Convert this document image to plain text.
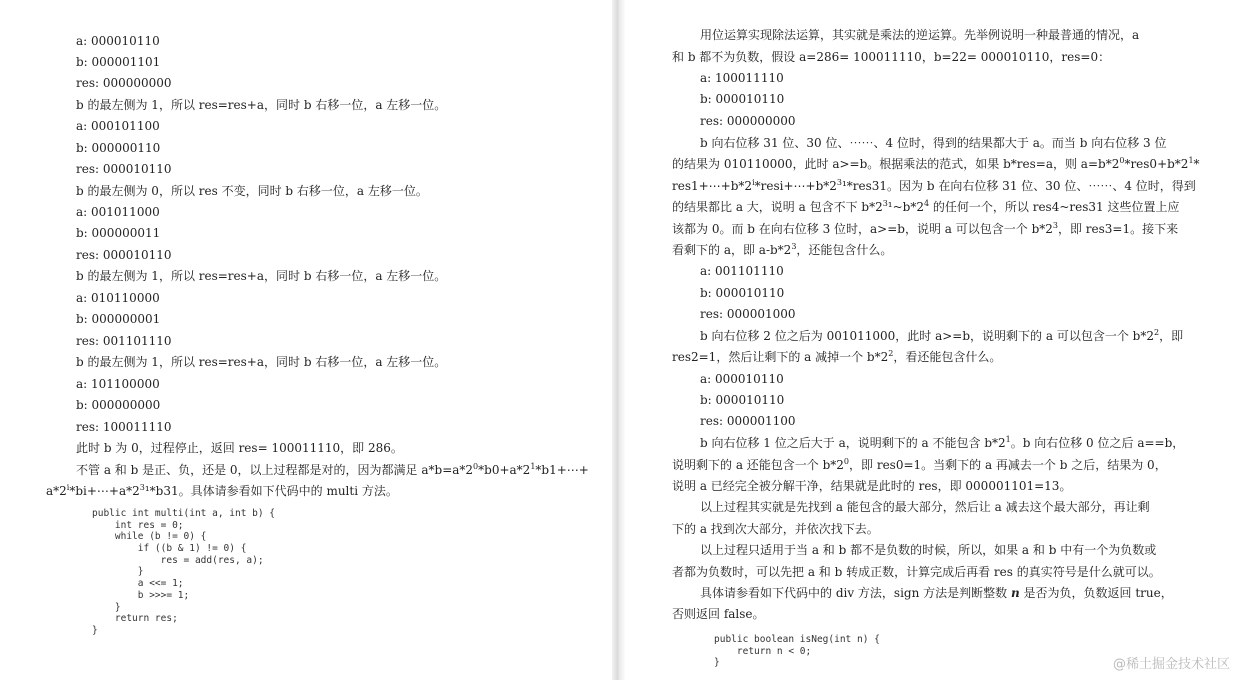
a: 000010110
b: 000001101
res: 000000000
b 的最左侧为 1，所以 res=res+a，同时 b 右移一位，a 左移一位。
a: 000101100
b: 000000110
res: 000010110
b 的最左侧为 0，所以 res 不变，同时 b 右移一位，a 左移一位。
a: 001011000
b: 000000011
res: 000010110
b 的最左侧为 1，所以 res=res+a，同时 b 右移一位，a 左移一位。
a: 010110000
b: 000000001
res: 001101110
b 的最左侧为 1，所以 res=res+a，同时 b 右移一位，a 左移一位。
a: 101100000
b: 000000000
res: 100011110
此时 b 为 0，过程停止，返回 res= 100011110，即 286。
不管 a 和 b 是正、负，还是 0，以上过程都是对的，因为都满足 $a*b=a*2^0*b0+a*2^1*b1+\cdots+$
$a*2^i*bi+\cdots+a*2^3^1*b31$。具体请参看如下代码中的 multi 方法。
public int multi(int a, int b) {
int res = 0;
while (b != 0) {
if ((b & 1) != 0) {
res = add(res, a);
}
a <<= 1;
b >>>= 1;
}
return res;
}
用位运算实现除法运算，其实就是乘法的逆运算。先举例说明一种最普通的情况，a
和 b 都不为负数，假设 a=286= 100011110，b=22= 000010110，res=0：
a: 100011110
b: 000010110
res: 000000000
b 向右位移 31 位、30 位、⋯⋯、4 位时，得到的结果都大于 a。而当 b 向右位移 3 位
的结果为 010110000，此时 a>=b。根据乘法的范式，如果 b*res=a，则 $a=b*2^0*res0+b*2^1*$
$res1+\cdots+b*2^i*resi+\cdots+b*2^3^1*res31$。因为 b 在向右位移 31 位、30 位、⋯⋯、4 位时，得到
的结果都比 a 大，说明 a 包含不下 $b*2^3^1\sim b*2^4$ 的任何一个，所以 res4~res31 这些位置上应
该都为 0。而 b 在向右位移 3 位时，a>=b，说明 a 可以包含一个 $b*2^3$，即 res3=1。接下来
看剩下的 a，即 $a-b*2^3$，还能包含什么。
a: 001101110
b: 000010110
res: 000001000
b 向右位移 2 位之后为 001011000，此时 a>=b，说明剩下的 a 可以包含一个 $b*2^2$，即
res2=1，然后让剩下的 a 减掉一个 $b*2^2$，看还能包含什么。
a: 000010110
b: 000010110
res: 000001100
b 向右位移 1 位之后大于 a，说明剩下的 a 不能包含 $b*2^1$。b 向右位移 0 位之后 a==b，
说明剩下的 a 还能包含一个 $b*2^0$，即 res0=1。当剩下的 a 再减去一个 b 之后，结果为 0，
说明 a 已经完全被分解干净，结果就是此时的 res，即 000001101=13。
以上过程其实就是先找到 a 能包含的最大部分，然后让 a 减去这个最大部分，再让剩
下的 a 找到次大部分，并依次找下去。
以上过程只适用于当 a 和 b 都不是负数的时候，所以，如果 a 和 b 中有一个为负数或
者都为负数时，可以先把 a 和 b 转成正数，计算完成后再看 res 的真实符号是什么就可以。
具体请参看如下代码中的 div 方法，sign 方法是判断整数 n 是否为负，负数返回 true，
否则返回 false。
public boolean isNeg(int n) {
return n < 0;
}	@稀土掘金技术社区
